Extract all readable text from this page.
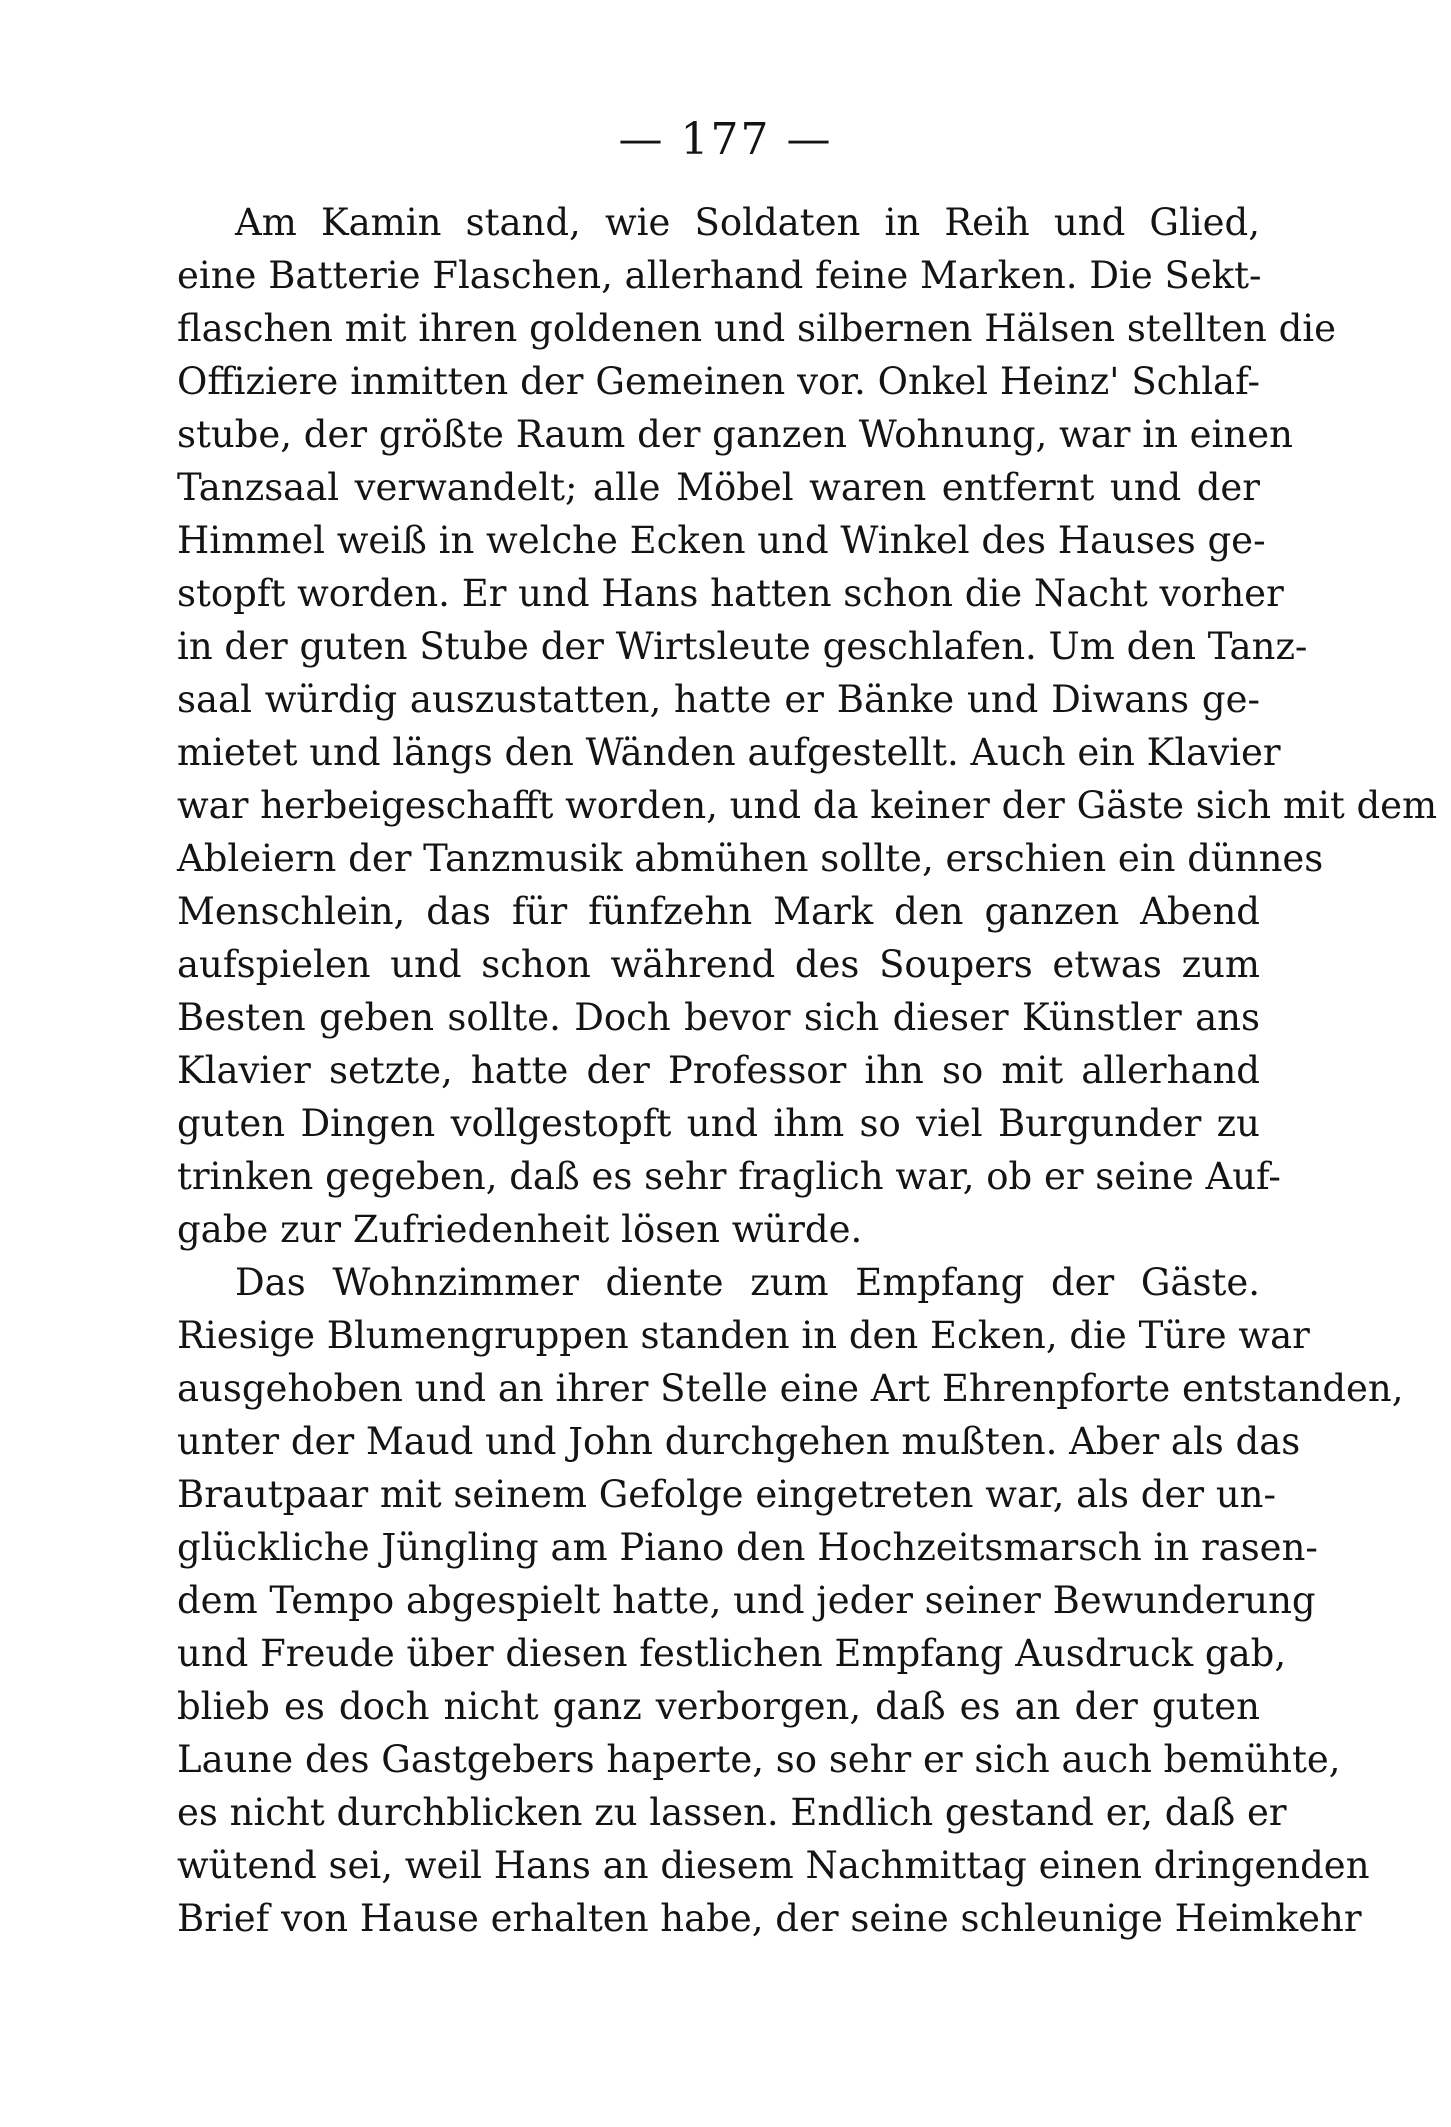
— 177 —
Am Kamin stand, wie Soldaten in Reih und Glied,
eine Batterie Flaschen, allerhand feine Marken. Die Sekt-
flaschen mit ihren goldenen und silbernen Hälsen stellten die
Offiziere inmitten der Gemeinen vor. Onkel Heinz' Schlaf-
stube, der größte Raum der ganzen Wohnung, war in einen
Tanzsaal verwandelt; alle Möbel waren entfernt und der
Himmel weiß in welche Ecken und Winkel des Hauses ge-
stopft worden. Er und Hans hatten schon die Nacht vorher
in der guten Stube der Wirtsleute geschlafen. Um den Tanz-
saal würdig auszustatten, hatte er Bänke und Diwans ge-
mietet und längs den Wänden aufgestellt. Auch ein Klavier
war herbeigeschafft worden, und da keiner der Gäste sich mit dem
Ableiern der Tanzmusik abmühen sollte, erschien ein dünnes
Menschlein, das für fünfzehn Mark den ganzen Abend
aufspielen und schon während des Soupers etwas zum
Besten geben sollte. Doch bevor sich dieser Künstler ans
Klavier setzte, hatte der Professor ihn so mit allerhand
guten Dingen vollgestopft und ihm so viel Burgunder zu
trinken gegeben, daß es sehr fraglich war, ob er seine Auf-
gabe zur Zufriedenheit lösen würde.
Das Wohnzimmer diente zum Empfang der Gäste.
Riesige Blumengruppen standen in den Ecken, die Türe war
ausgehoben und an ihrer Stelle eine Art Ehrenpforte entstanden,
unter der Maud und John durchgehen mußten. Aber als das
Brautpaar mit seinem Gefolge eingetreten war, als der un-
glückliche Jüngling am Piano den Hochzeitsmarsch in rasen-
dem Tempo abgespielt hatte, und jeder seiner Bewunderung
und Freude über diesen festlichen Empfang Ausdruck gab,
blieb es doch nicht ganz verborgen, daß es an der guten
Laune des Gastgebers haperte, so sehr er sich auch bemühte,
es nicht durchblicken zu lassen. Endlich gestand er, daß er
wütend sei, weil Hans an diesem Nachmittag einen dringenden
Brief von Hause erhalten habe, der seine schleunige Heimkehr
